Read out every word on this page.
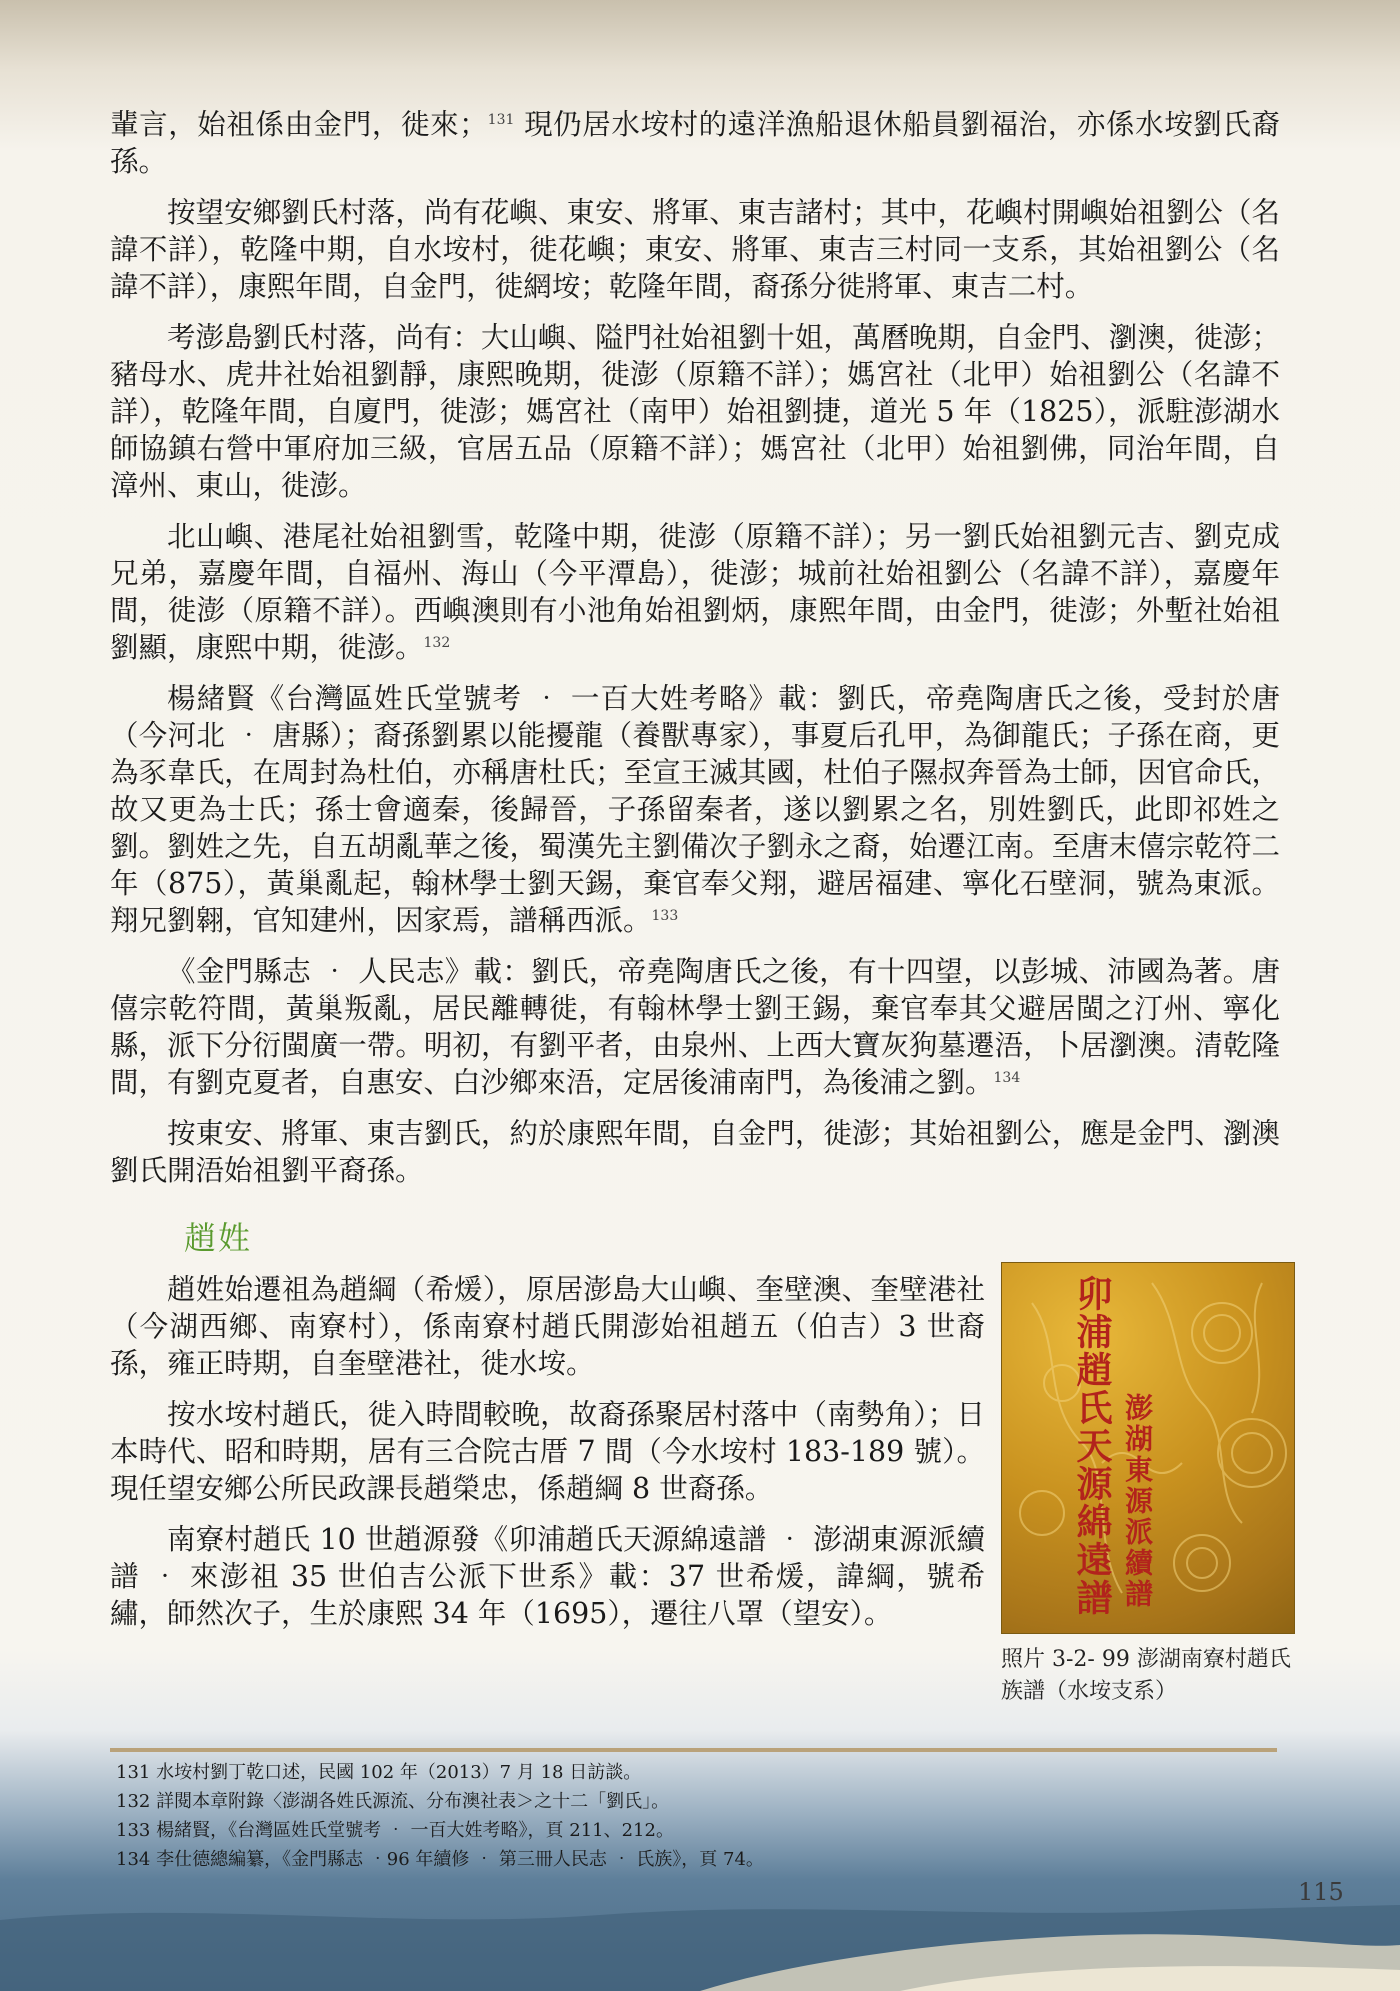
輩言，始祖係由金門，徙來；$^{131}$ 現仍居水垵村的遠洋漁船退休船員劉福治，亦係水垵劉氏裔孫。

按望安鄉劉氏村落，尚有花嶼、東安、將軍、東吉諸村；其中，花嶼村開嶼始祖劉公（名諱不詳），乾隆中期，自水垵村，徙花嶼；東安、將軍、東吉三村同一支系，其始祖劉公（名諱不詳），康熙年間，自金門，徙網垵；乾隆年間，裔孫分徙將軍、東吉二村。

考澎島劉氏村落，尚有：大山嶼、隘門社始祖劉十姐，萬曆晚期，自金門、瀏澳，徙澎；豬母水、虎井社始祖劉靜，康熙晚期，徙澎（原籍不詳）；媽宮社（北甲）始祖劉公（名諱不詳），乾隆年間，自廈門，徙澎；媽宮社（南甲）始祖劉捷，道光 5 年（1825），派駐澎湖水師協鎮右營中軍府加三級，官居五品（原籍不詳）；媽宮社（北甲）始祖劉佛，同治年間，自漳州、東山，徙澎。

北山嶼、港尾社始祖劉雪，乾隆中期，徙澎（原籍不詳）；另一劉氏始祖劉元吉、劉克成兄弟，嘉慶年間，自福州、海山（今平潭島），徙澎；城前社始祖劉公（名諱不詳），嘉慶年間，徙澎（原籍不詳）。西嶼澳則有小池角始祖劉炳，康熙年間，由金門，徙澎；外塹社始祖劉顯，康熙中期，徙澎。$^{132}$

楊緒賢《台灣區姓氏堂號考 ‧ 一百大姓考略》載：劉氏，帝堯陶唐氏之後，受封於唐（今河北 ‧ 唐縣）；裔孫劉累以能擾龍（養獸專家），事夏后孔甲，為御龍氏；子孫在商，更為豕韋氏，在周封為杜伯，亦稱唐杜氏；至宣王滅其國，杜伯子隰叔奔晉為士師，因官命氏，故又更為士氏；孫士會適秦，後歸晉，子孫留秦者，遂以劉累之名，別姓劉氏，此即祁姓之劉。劉姓之先，自五胡亂華之後，蜀漢先主劉備次子劉永之裔，始遷江南。至唐末僖宗乾符二年（875），黃巢亂起，翰林學士劉天錫，棄官奉父翔，避居福建、寧化石壁洞，號為東派。翔兄劉翱，官知建州，因家焉，譜稱西派。$^{133}$

《金門縣志 ‧ 人民志》載：劉氏，帝堯陶唐氏之後，有十四望，以彭城、沛國為著。唐僖宗乾符間，黃巢叛亂，居民離轉徙，有翰林學士劉王錫，棄官奉其父避居閩之汀州、寧化縣，派下分衍閩廣一帶。明初，有劉平者，由泉州、上西大寶灰狗墓遷浯，卜居瀏澳。清乾隆間，有劉克夏者，自惠安、白沙鄉來浯，定居後浦南門，為後浦之劉。$^{134}$

按東安、將軍、東吉劉氏，約於康熙年間，自金門，徙澎；其始祖劉公，應是金門、瀏澳劉氏開浯始祖劉平裔孫。

趙姓

趙姓始遷祖為趙綱（希煖），原居澎島大山嶼、奎壁澳、奎壁港社（今湖西鄉、南寮村），係南寮村趙氏開澎始祖趙五（伯吉）3 世裔孫，雍正時期，自奎壁港社，徙水垵。

按水垵村趙氏，徙入時間較晚，故裔孫聚居村落中（南勢角）；日本時代、昭和時期，居有三合院古厝 7 間（今水垵村 183-189 號）。現任望安鄉公所民政課長趙榮忠，係趙綱 8 世裔孫。

南寮村趙氏 10 世趙源發《卯浦趙氏天源綿遠譜 ‧ 澎湖東源派續譜 ‧ 來澎祖 35 世伯吉公派下世系》載：37 世希煖，諱綱，號希繡，師然次子，生於康熙 34 年（1695），遷往八罩（望安）。	卯浦趙氏天源綿遠譜 澎湖東源派續譜
照片 3-2- 99 澎湖南寮村趙氏族譜（水垵支系）
131 水垵村劉丁乾口述，民國 102 年（2013）7 月 18 日訪談。
132 詳閱本章附錄〈澎湖各姓氏源流、分布澳社表＞之十二「劉氏」。
133 楊緒賢，《台灣區姓氏堂號考 ‧ 一百大姓考略》，頁 211、212。
134 李仕德總編纂，《金門縣志 ‧96 年續修 ‧ 第三冊人民志 ‧ 氏族》，頁 74。
115
